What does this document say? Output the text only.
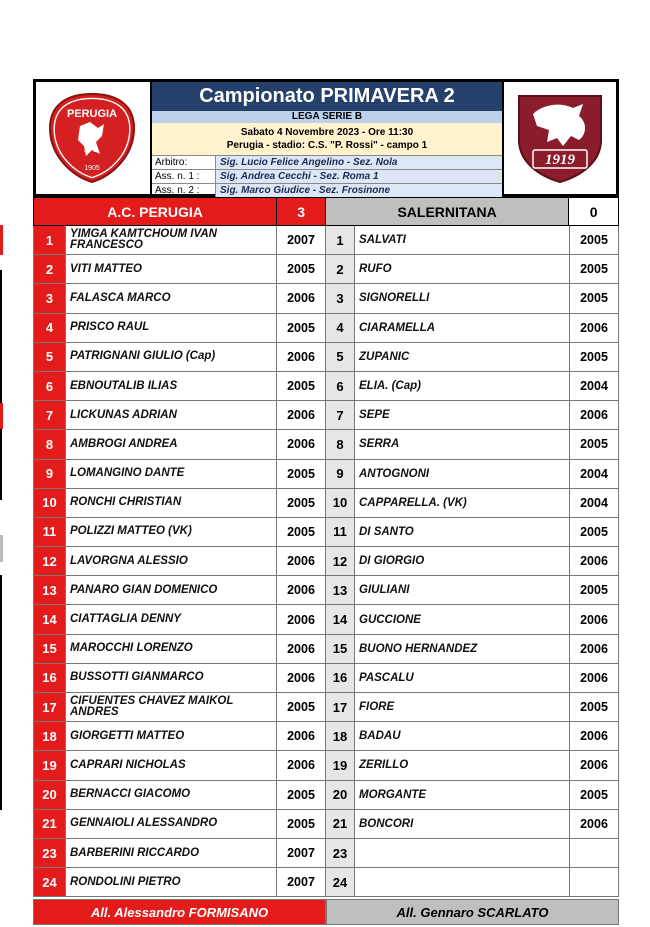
PERUGIA
A. C.
1905
Campionato PRIMAVERA 2
LEGA SERIE B
Sabato 4 Novembre 2023 - Ore 11:30
Perugia - stadio: C.S. "P. Rossi" - campo 1
Arbitro:	Sig. Lucio Felice Angelino - Sez. Nola
Ass. n. 1 :	Sig. Andrea Cecchi - Sez. Roma 1
Ass. n. 2 :	Sig. Marco Giudice - Sez. Frosinone
1919
A.C. PERUGIA	3	SALERNITANA	0
1	YIMGA KAMTCHOUM IVAN FRANCESCO	2007	1	SALVATI	2005
2	VITI MATTEO	2005	2	RUFO	2005
3	FALASCA MARCO	2006	3	SIGNORELLI	2005
4	PRISCO RAUL	2005	4	CIARAMELLA	2006
5	PATRIGNANI GIULIO (Cap)	2006	5	ZUPANIC	2005
6	EBNOUTALIB ILIAS	2005	6	ELIA. (Cap)	2004
7	LICKUNAS ADRIAN	2006	7	SEPE	2006
8	AMBROGI ANDREA	2006	8	SERRA	2005
9	LOMANGINO DANTE	2005	9	ANTOGNONI	2004
10	RONCHI CHRISTIAN	2005	10	CAPPARELLA. (VK)	2004
11	POLIZZI MATTEO (VK)	2005	11	DI SANTO	2005
12	LAVORGNA ALESSIO	2006	12	DI GIORGIO	2006
13	PANARO GIAN DOMENICO	2006	13	GIULIANI	2005
14	CIATTAGLIA DENNY	2006	14	GUCCIONE	2006
15	MAROCCHI LORENZO	2006	15	BUONO HERNANDEZ	2006
16	BUSSOTTI GIANMARCO	2006	16	PASCALU	2006
17	CIFUENTES CHAVEZ MAIKOL ANDRES	2005	17	FIORE	2005
18	GIORGETTI MATTEO	2006	18	BADAU	2006
19	CAPRARI NICHOLAS	2006	19	ZERILLO	2006
20	BERNACCI GIACOMO	2005	20	MORGANTE	2005
21	GENNAIOLI ALESSANDRO	2005	21	BONCORI	2006
23	BARBERINI RICCARDO	2007	23
24	RONDOLINI PIETRO	2007	24
All. Alessandro FORMISANO	All. Gennaro SCARLATO
